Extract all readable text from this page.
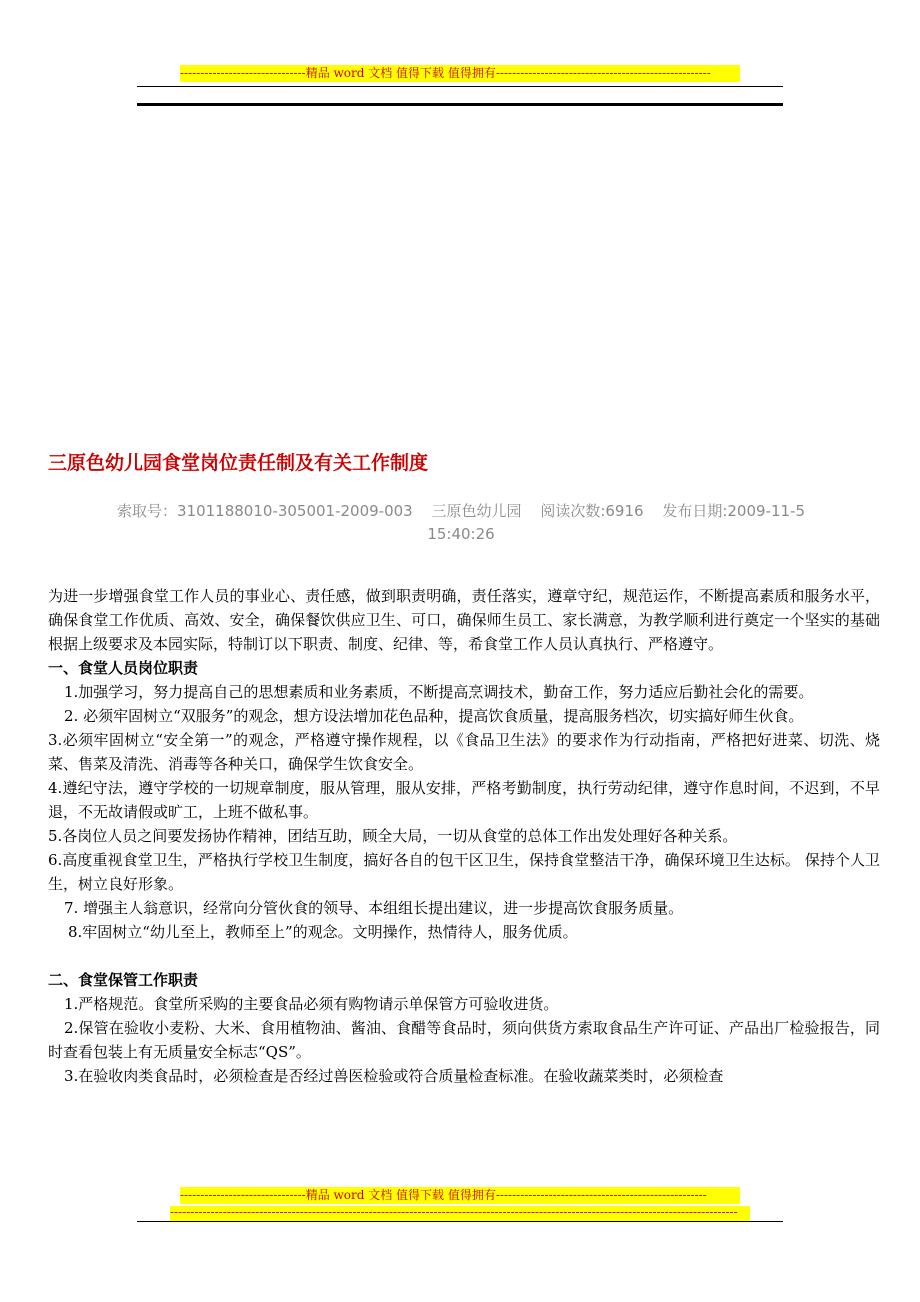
-------------------------------精品 word 文档 值得下载 值得拥有-----------------------------------------------------
三原色幼儿园食堂岗位责任制及有关工作制度
索取号：3101188010-305001-2009-003 三原色幼儿园 阅读次数:6916 发布日期:2009-11-5
15:40:26

为进一步增强食堂工作人员的事业心、责任感，做到职责明确，责任落实，遵章守纪，规范运作，不断提高素质和服务水平，确保食堂工作优质、高效、安全，确保餐饮供应卫生、可口，确保师生员工、家长满意，为教学顺利进行奠定一个坚实的基础根据上级要求及本园实际，特制订以下职责、制度、纪律、等，希食堂工作人员认真执行、严格遵守。

一、食堂人员岗位职责

1.加强学习，努力提高自己的思想素质和业务素质，不断提高烹调技术，勤奋工作，努力适应后勤社会化的需要。

2. 必须牢固树立“双服务”的观念，想方设法增加花色品种，提高饮食质量，提高服务档次，切实搞好师生伙食。

3.必须牢固树立“安全第一”的观念，严格遵守操作规程，以《食品卫生法》的要求作为行动指南，严格把好进菜、切洗、烧菜、售菜及清洗、消毒等各种关口，确保学生饮食安全。

4.遵纪守法，遵守学校的一切规章制度，服从管理，服从安排，严格考勤制度，执行劳动纪律，遵守作息时间，不迟到，不早退，不无故请假或旷工，上班不做私事。

5.各岗位人员之间要发扬协作精神，团结互助，顾全大局，一切从食堂的总体工作出发处理好各种关系。

6.高度重视食堂卫生，严格执行学校卫生制度，搞好各自的包干区卫生，保持食堂整洁干净，确保环境卫生达标。 保持个人卫生，树立良好形象。

7. 增强主人翁意识，经常向分管伙食的领导、本组组长提出建议，进一步提高饮食服务质量。

8.牢固树立“幼儿至上，教师至上”的观念。文明操作，热情待人，服务优质。

二、食堂保管工作职责

1.严格规范。食堂所采购的主要食品必须有购物请示单保管方可验收进货。

2.保管在验收小麦粉、大米、食用植物油、酱油、食醋等食品时，须向供货方索取食品生产许可证、产品出厂检验报告，同时查看包装上有无质量安全标志“QS”。

3.在验收肉类食品时，必须检查是否经过兽医检验或符合质量检查标准。在验收蔬菜类时，必须检查

-------------------------------精品 word 文档 值得下载 值得拥有----------------------------------------------------
--------------------------------------------------------------------------------------------------------------------------------------------
